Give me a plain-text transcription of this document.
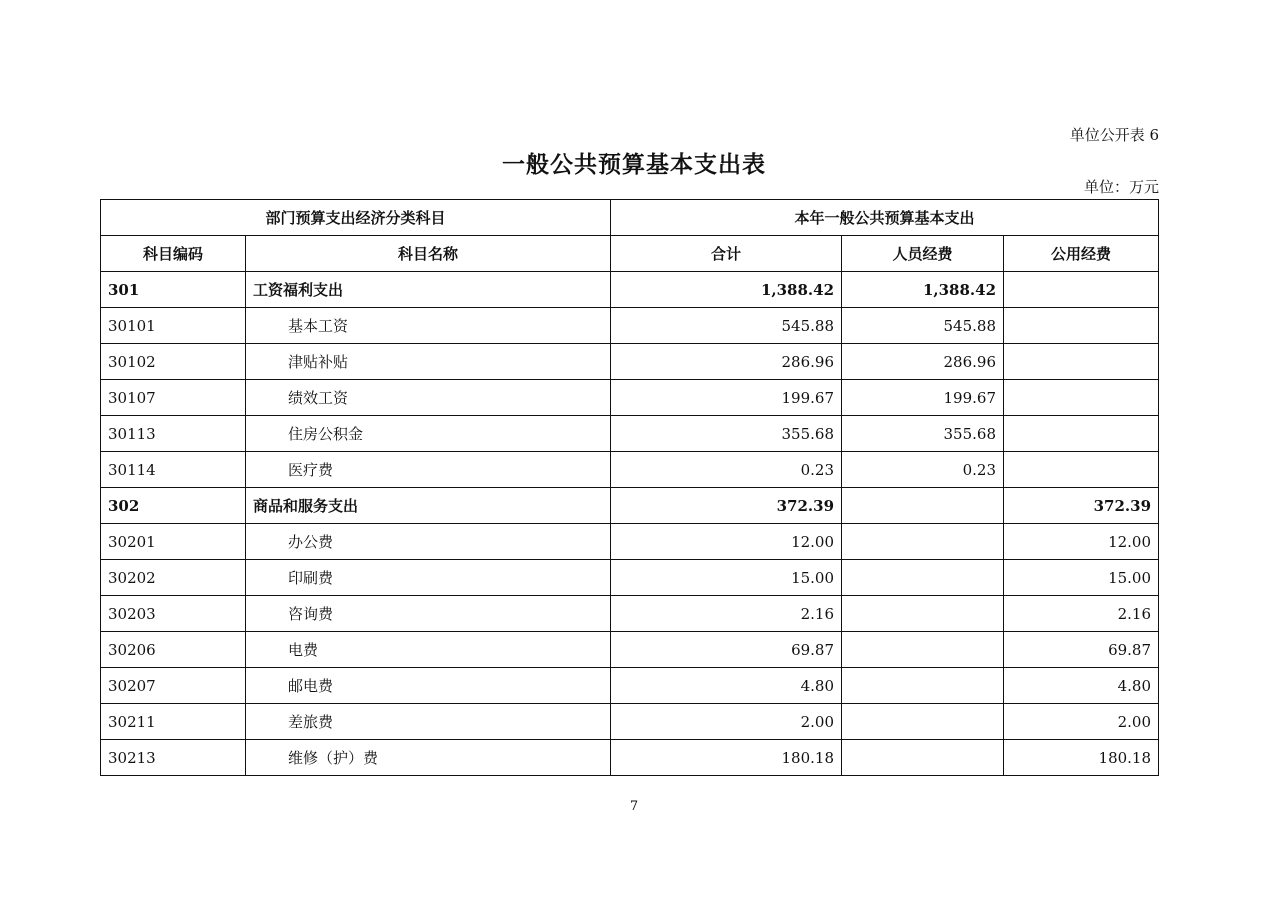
单位公开表 6
一般公共预算基本支出表
单位：万元
部门预算支出经济分类科目		本年一般公共预算基本支出		
科目编码	科目名称	合计	人员经费	公用经费
301	工资福利支出	1,388.42	1,388.42	
30101	基本工资	545.88	545.88	
30102	津贴补贴	286.96	286.96	
30107	绩效工资	199.67	199.67	
30113	住房公积金	355.68	355.68	
30114	医疗费	0.23	0.23	
302	商品和服务支出	372.39		372.39
30201	办公费	12.00		12.00
30202	印刷费	15.00		15.00
30203	咨询费	2.16		2.16
30206	电费	69.87		69.87
30207	邮电费	4.80		4.80
30211	差旅费	2.00		2.00
30213	维修（护）费	180.18		180.18
7
